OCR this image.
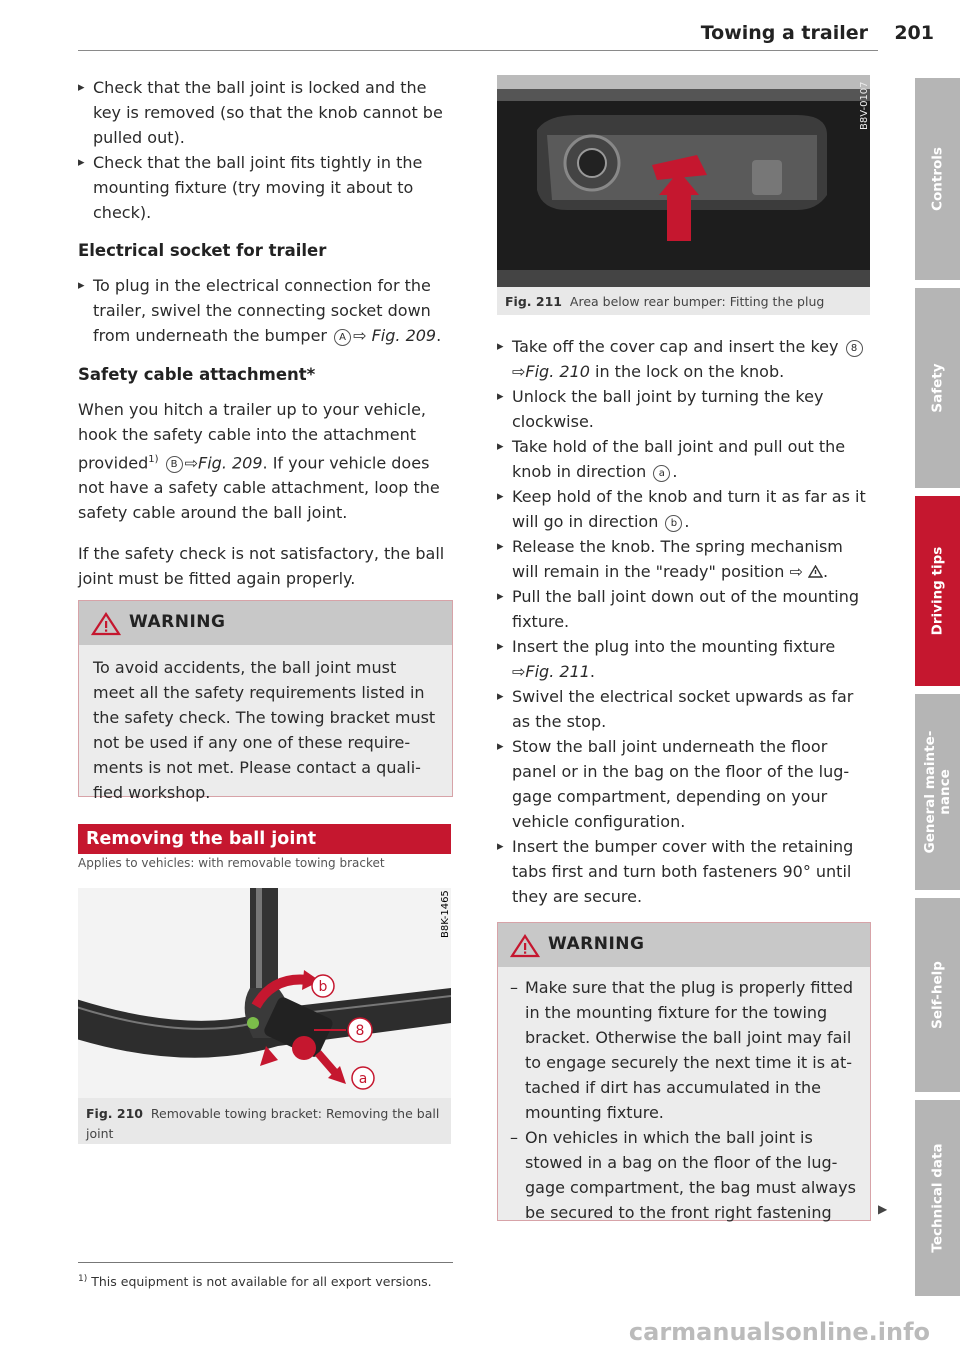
Towing a trailer 201
▸ Check that the ball joint is locked and the key is removed (so that the knob cannot be pulled out).
▸ Check that the ball joint fits tightly in the mounting fixture (try moving it about to check).
Electrical socket for trailer
▸ To plug in the electrical connection for the trailer, swivel the connecting socket down from underneath the bumper A ⇨ Fig. 209.
Safety cable attachment*

When you hitch a trailer up to your vehicle, hook the safety cable into the attachment provided$^{1)}$ B ⇨Fig. 209. If your vehicle does not have a safety cable attachment, loop the safety cable around the ball joint.

If the safety check is not satisfactory, the ball joint must be fitted again properly.

WARNING
To avoid accidents, the ball joint must meet all the safety requirements listed in the safety check. The towing bracket must not be used if any one of these requirements is not met. Please contact a qualified workshop.
Removing the ball joint
Applies to vehicles: with removable towing bracket
b
8
a
B8K-1465
Fig. 210 Removable towing bracket: Removing the ball joint
$^{1)}$ This equipment is not available for all export versions.
B8V-0107
Fig. 211 Area below rear bumper: Fitting the plug
▸ Take off the cover cap and insert the key 8 ⇨Fig. 210 in the lock on the knob.
▸ Unlock the ball joint by turning the key clockwise.
▸ Take hold of the ball joint and pull out the knob in direction a .
▸ Keep hold of the knob and turn it as far as it will go in direction b .
▸ Release the knob. The spring mechanism will remain in the "ready" position ⇨ .
▸ Pull the ball joint down out of the mounting fixture.
▸ Insert the plug into the mounting fixture
⇨Fig. 211.
▸ Swivel the electrical socket upwards as far as the stop.
▸ Stow the ball joint underneath the floor panel or in the bag on the floor of the luggage compartment, depending on your vehicle configuration.
▸ Insert the bumper cover with the retaining tabs first and turn both fasteners 90° until they are secure.
WARNING
– Make sure that the plug is properly fitted in the mounting fixture for the towing bracket. Otherwise the ball joint may fail to engage securely the next time it is attached if dirt has accumulated in the mounting fixture.
– On vehicles in which the ball joint is stowed in a bag on the floor of the luggage compartment, the bag must always be secured to the front right fastening	▶
Controls
Safety
Driving tips
General mainte-
nance
Self-help
Technical data
carmanualsonline.info
